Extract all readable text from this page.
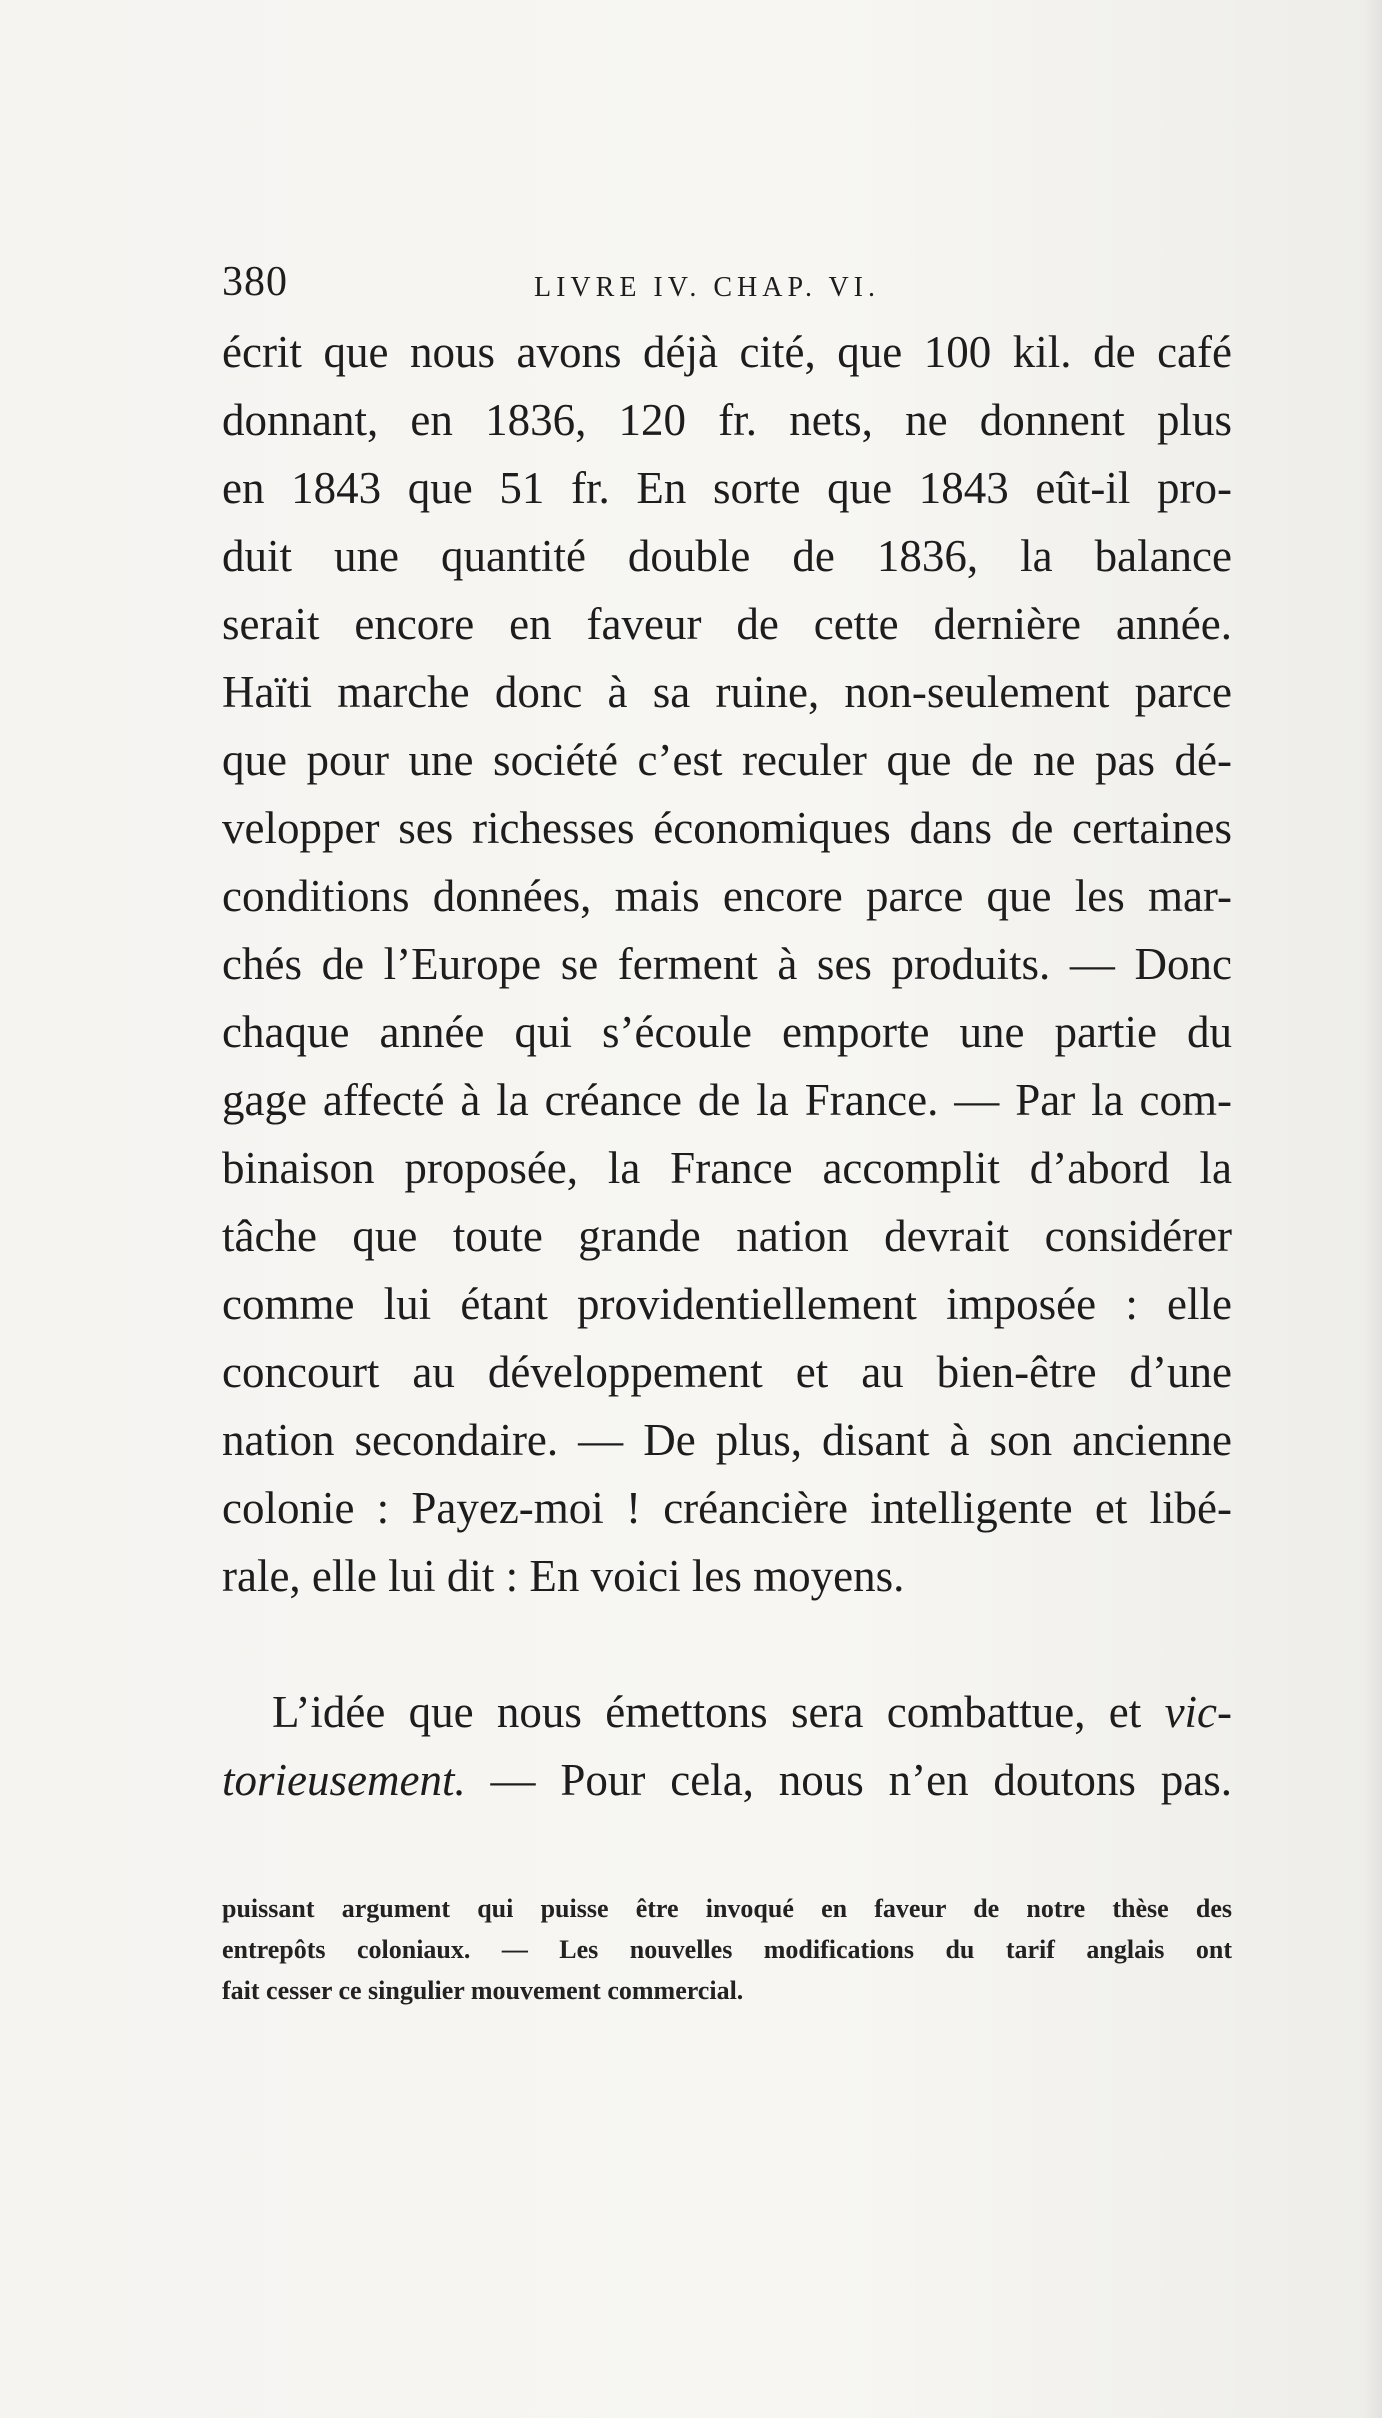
380	LIVRE IV. CHAP. VI.
écrit que nous avons déjà cité, que 100 kil. de café
donnant, en 1836, 120 fr. nets, ne donnent plus
en 1843 que 51 fr. En sorte que 1843 eût-il pro-
duit une quantité double de 1836, la balance
serait encore en faveur de cette dernière année.
Haïti marche donc à sa ruine, non-seulement parce
que pour une société c’est reculer que de ne pas dé-
velopper ses richesses économiques dans de certaines
conditions données, mais encore parce que les mar-
chés de l’Europe se ferment à ses produits. — Donc
chaque année qui s’écoule emporte une partie du
gage affecté à la créance de la France. — Par la com-
binaison proposée, la France accomplit d’abord la
tâche que toute grande nation devrait considérer
comme lui étant providentiellement imposée : elle
concourt au développement et au bien-être d’une
nation secondaire. — De plus, disant à son ancienne
colonie : Payez-moi ! créancière intelligente et libé-
rale, elle lui dit : En voici les moyens.
L’idée que nous émettons sera combattue, et vic-
torieusement. — Pour cela, nous n’en doutons pas.
puissant argument qui puisse être invoqué en faveur de notre thèse des
entrepôts coloniaux. — Les nouvelles modifications du tarif anglais ont
fait cesser ce singulier mouvement commercial.
